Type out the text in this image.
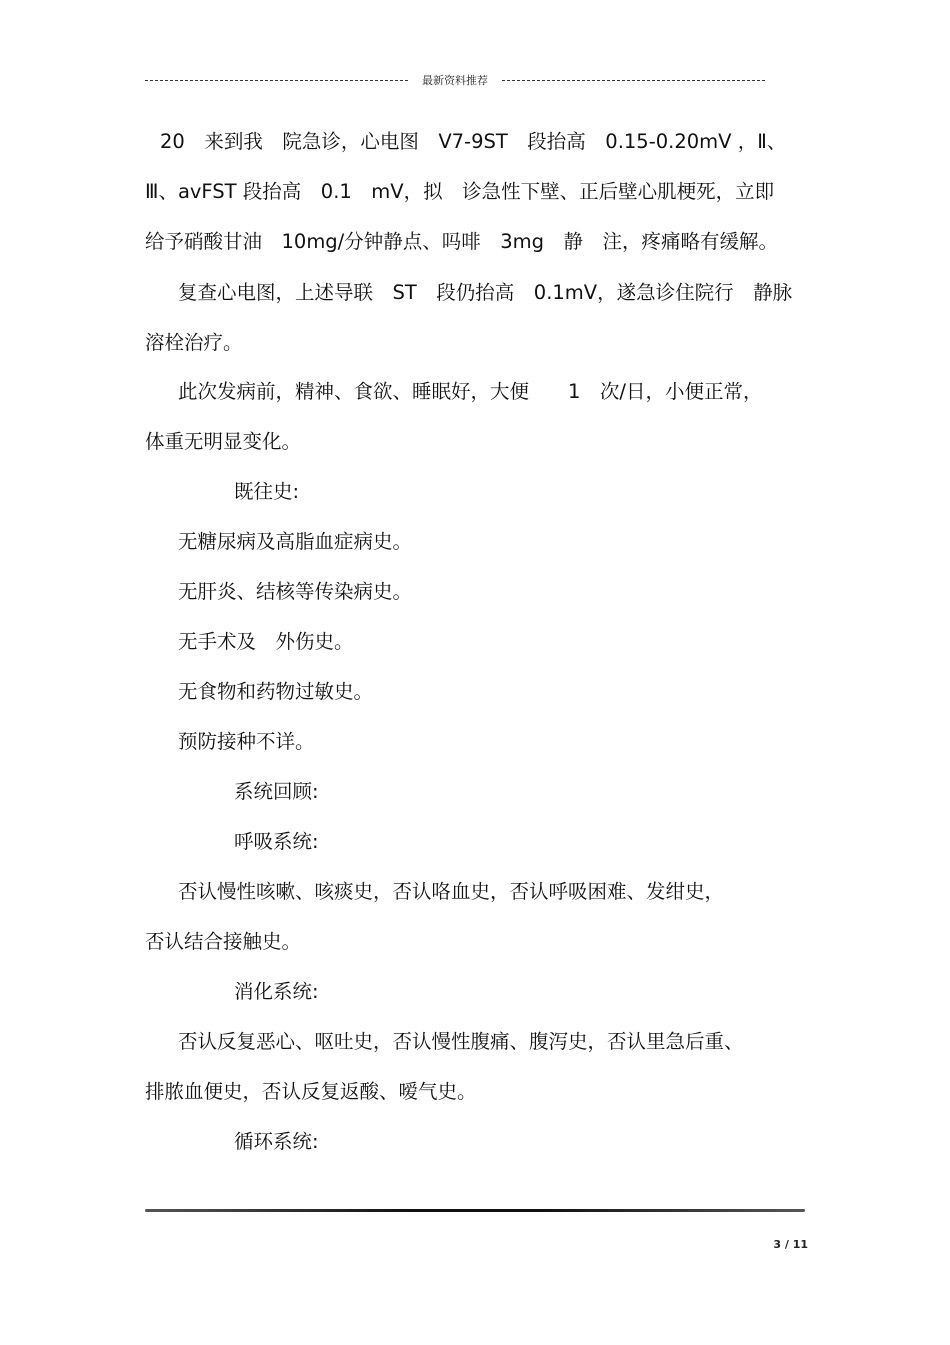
最新资料推荐
20　来到我　院急诊，心电图　V7-9ST　段抬高　0.15-0.20mV ，Ⅱ、
Ⅲ、avFST 段抬高　0.1　mV，拟　诊急性下壁、正后壁心肌梗死，立即
给予硝酸甘油　10mg/分钟静点、吗啡　3mg　静　注，疼痛略有缓解。
复查心电图，上述导联　ST　段仍抬高　0.1mV，遂急诊住院行　静脉
溶栓治疗。
此次发病前，精神、食欲、睡眠好，大便　　1　次/日，小便正常，
体重无明显变化。
既往史:
无糖尿病及高脂血症病史。
无肝炎、结核等传染病史。
无手术及　外伤史。
无食物和药物过敏史。
预防接种不详。
系统回顾:
呼吸系统:
否认慢性咳嗽、咳痰史，否认咯血史，否认呼吸困难、发绀史，
否认结合接触史。
消化系统:
否认反复恶心、呕吐史，否认慢性腹痛、腹泻史，否认里急后重、
排脓血便史，否认反复返酸、嗳气史。
循环系统:
3 / 11
